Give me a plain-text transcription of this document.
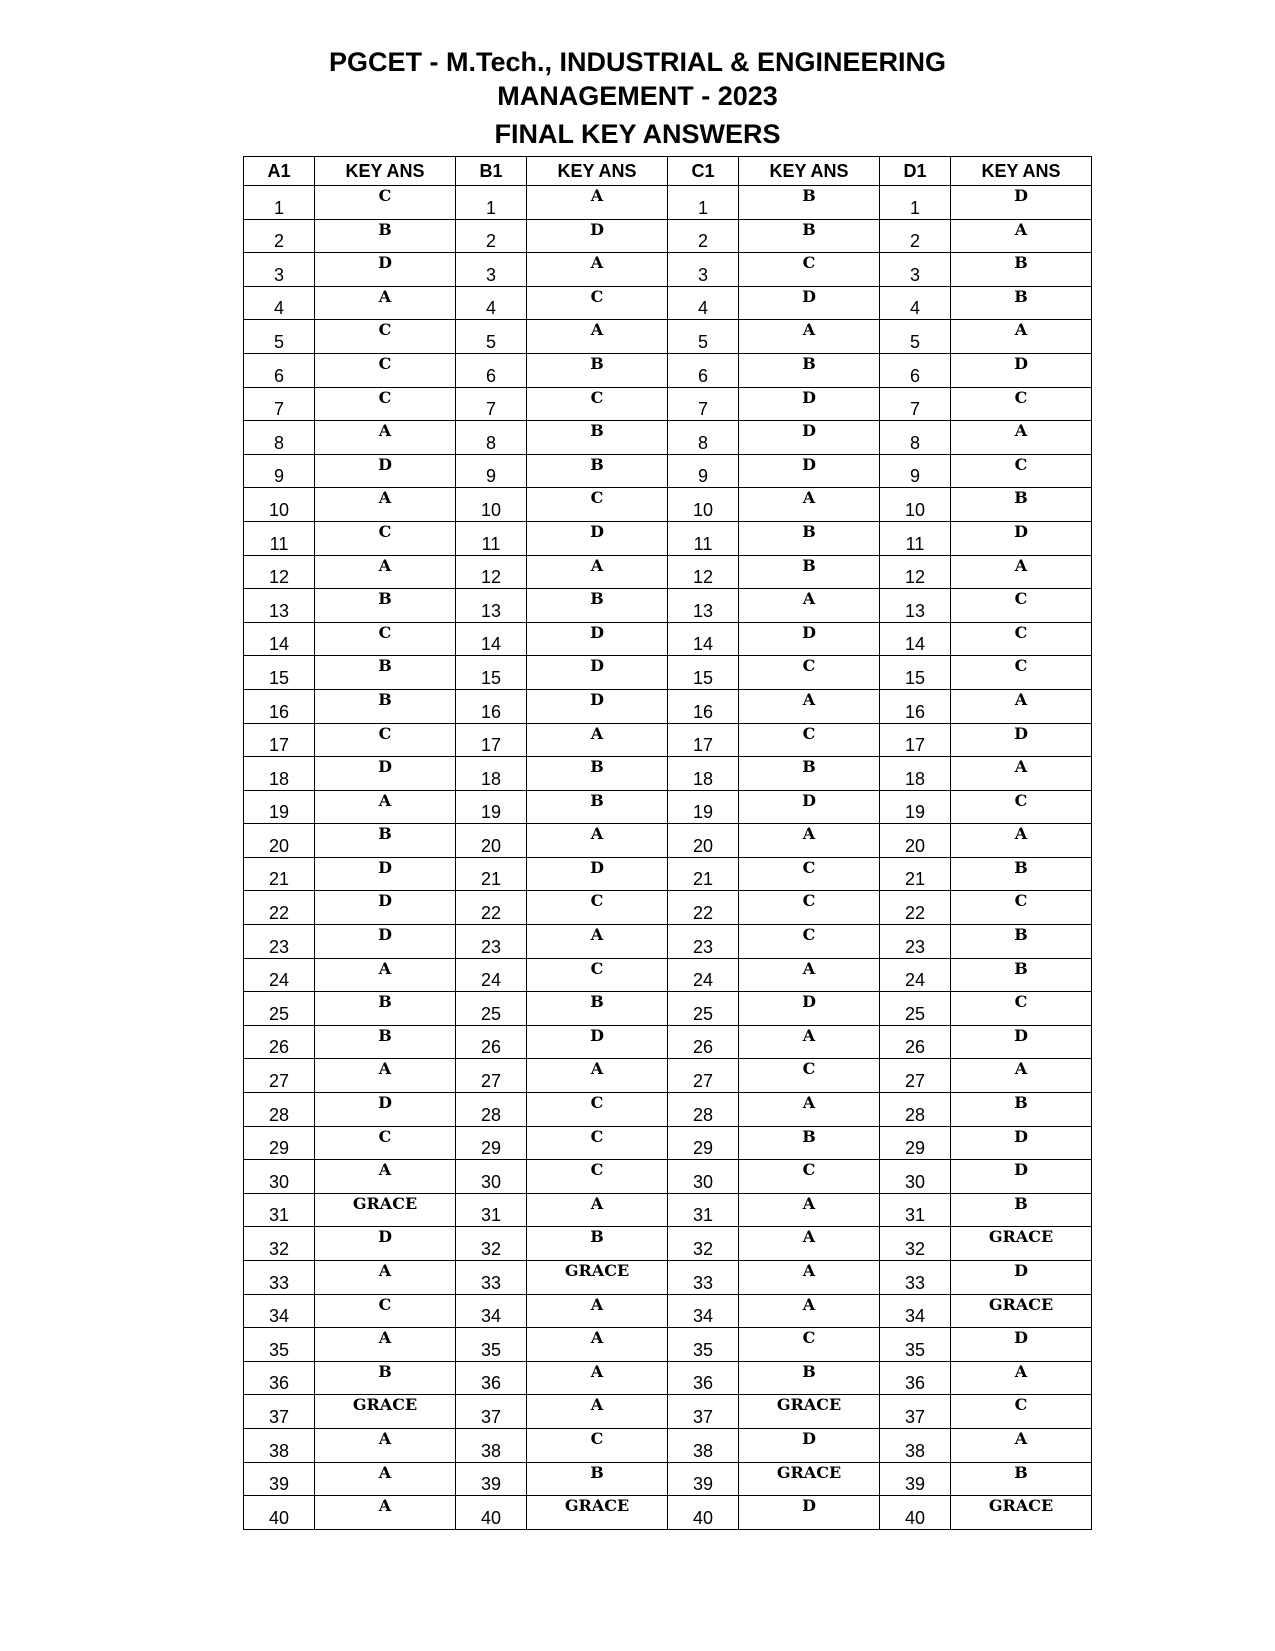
PGCET - M.Tech., INDUSTRIAL & ENGINEERING
MANAGEMENT - 2023
FINAL KEY ANSWERS
A1	KEY ANS	B1	KEY ANS	C1	KEY ANS	D1	KEY ANS
1	C	1	A	1	B	1	D
2	B	2	D	2	B	2	A
3	D	3	A	3	C	3	B
4	A	4	C	4	D	4	B
5	C	5	A	5	A	5	A
6	C	6	B	6	B	6	D
7	C	7	C	7	D	7	C
8	A	8	B	8	D	8	A
9	D	9	B	9	D	9	C
10	A	10	C	10	A	10	B
11	C	11	D	11	B	11	D
12	A	12	A	12	B	12	A
13	B	13	B	13	A	13	C
14	C	14	D	14	D	14	C
15	B	15	D	15	C	15	C
16	B	16	D	16	A	16	A
17	C	17	A	17	C	17	D
18	D	18	B	18	B	18	A
19	A	19	B	19	D	19	C
20	B	20	A	20	A	20	A
21	D	21	D	21	C	21	B
22	D	22	C	22	C	22	C
23	D	23	A	23	C	23	B
24	A	24	C	24	A	24	B
25	B	25	B	25	D	25	C
26	B	26	D	26	A	26	D
27	A	27	A	27	C	27	A
28	D	28	C	28	A	28	B
29	C	29	C	29	B	29	D
30	A	30	C	30	C	30	D
31	GRACE	31	A	31	A	31	B
32	D	32	B	32	A	32	GRACE
33	A	33	GRACE	33	A	33	D
34	C	34	A	34	A	34	GRACE
35	A	35	A	35	C	35	D
36	B	36	A	36	B	36	A
37	GRACE	37	A	37	GRACE	37	C
38	A	38	C	38	D	38	A
39	A	39	B	39	GRACE	39	B
40	A	40	GRACE	40	D	40	GRACE
